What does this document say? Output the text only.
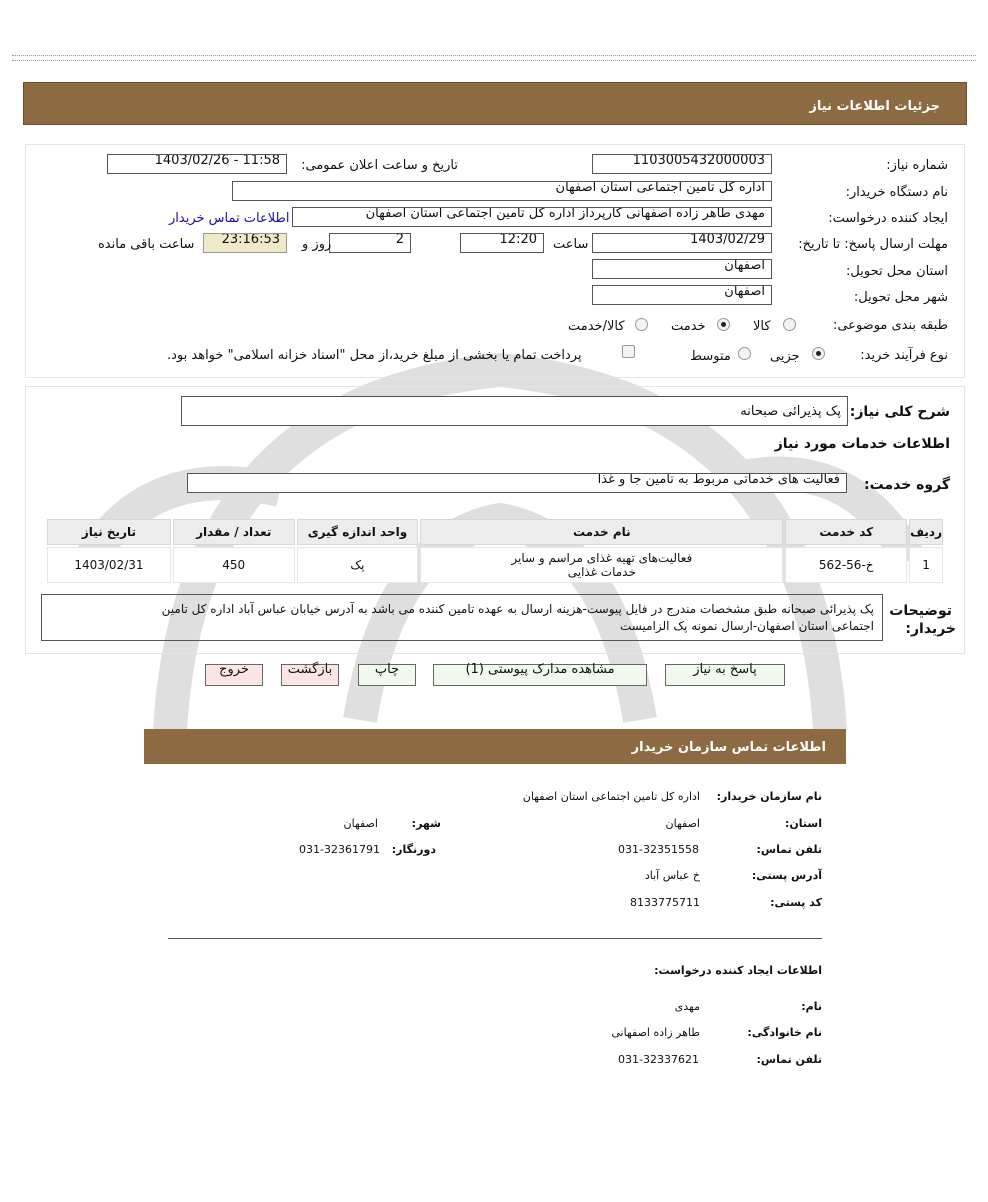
جزئیات اطلاعات نیاز
شماره نیاز:
1103005432000003
تاریخ و ساعت اعلان عمومی:
1403/02/26 - 11:58
نام دستگاه خریدار:
اداره کل تامین اجتماعی استان اصفهان
ایجاد کننده درخواست:
مهدی طاهر زاده اصفهانی کارپرداز اداره کل تامین اجتماعی استان اصفهان
اطلاعات تماس خریدار
مهلت ارسال پاسخ: تا تاریخ:
1403/02/29
ساعت
12:20
2
روز و
23:16:53
ساعت باقی مانده
استان محل تحویل:
اصفهان
شهر محل تحویل:
اصفهان
طبقه بندی موضوعی:
کالا
خدمت
کالا/خدمت
نوع فرآیند خرید:
جزیی
متوسط
پرداخت تمام یا بخشی از مبلغ خرید،از محل "اسناد خزانه اسلامی" خواهد بود.
شرح کلی نیاز:
پک پذیرائی صبحانه
اطلاعات خدمات مورد نیاز
گروه خدمت:
فعالیت های خدماتی مربوط به تامین جا و غذا
ردیف	کد خدمت	نام خدمت	واحد اندازه گیری	تعداد / مقدار	تاریخ نیاز
1	خ-56-562	فعالیت‌های تهیه غذای مراسم و سایر
خدمات غذایی	پک	450	1403/02/31
توضیحات
خریدار:
پک پذیرائی صبحانه طبق مشخصات مندرج در فایل پیوست-هزینه ارسال به عهده تامین کننده می باشد به آدرس خیابان عباس آباد اداره کل تامین
اجتماعی استان اصفهان-ارسال نمونه پک الزامیست
پاسخ به نیاز
مشاهده مدارک پیوستی (1)
چاپ
بازگشت
خروج
اطلاعات تماس سازمان خریدار
نام سازمان خریدار:
اداره کل تامین اجتماعی استان اصفهان
استان:
اصفهان
شهر:
اصفهان
تلفن تماس:
031-32351558
دورنگار:
031-32361791
آدرس پستی:
خ عباس آباد
کد پستی:
8133775711
اطلاعات ایجاد کننده درخواست:
نام:
مهدی
نام خانوادگی:
طاهر زاده اصفهانی
تلفن تماس:
031-32337621
